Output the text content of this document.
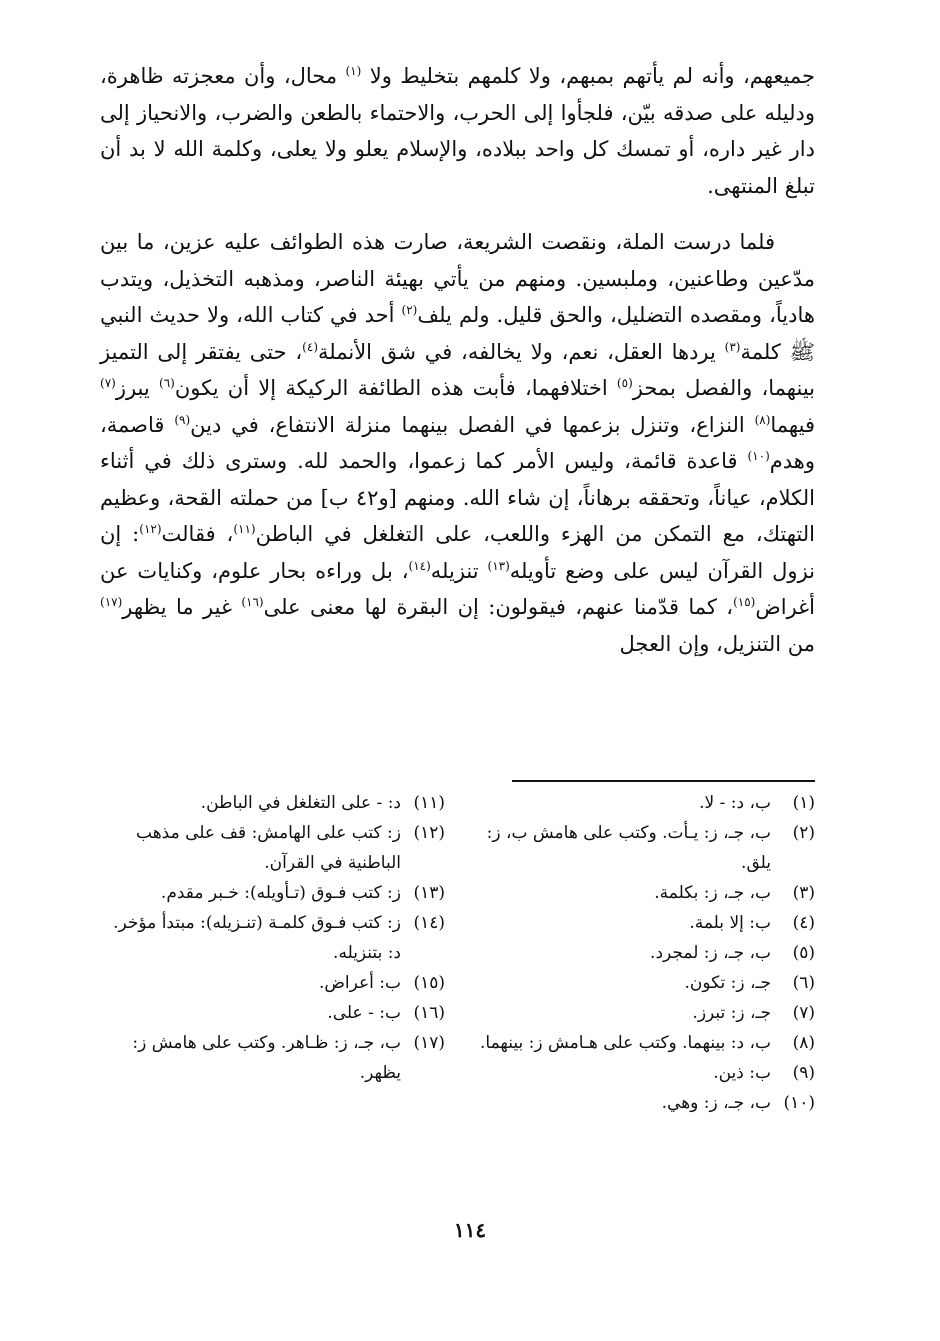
جميعهم، وأنه لم يأتهم بمبهم، ولا كلمهم بتخليط ولا $^{(١)}$ محال، وأن معجزته ظاهرة، ودليله على صدقه بيّن، فلجأوا إلى الحرب، والاحتماء بالطعن والضرب، والانحياز إلى دار غير داره، أو تمسك كل واحد ببلاده، والإسلام يعلو ولا يعلى، وكلمة الله لا بد أن تبلغ المنتهى.

فلما درست الملة، ونقصت الشريعة، صارت هذه الطوائف عليه عزين، ما بين مدّعين وطاعنين، وملبسين. ومنهم من يأتي بهيئة الناصر، ومذهبه التخذيل، ويتدب هادياً، ومقصده التضليل، والحق قليل. ولم يلف$^{(٢)}$ أحد في كتاب الله، ولا حديث النبي ﷺ كلمة$^{(٣)}$ يردها العقل، نعم، ولا يخالفه، في شق الأنملة$^{(٤)}$، حتى يفتقر إلى التميز بينهما، والفصل بمحز$^{(٥)}$ اختلافهما، فأبت هذه الطائفة الركيكة إلا أن يكون$^{(٦)}$ يبرز$^{(٧)}$ فيهما$^{(٨)}$ النزاع، وتنزل بزعمها في الفصل بينهما منزلة الانتفاع، في دين$^{(٩)}$ قاصمة، وهدم$^{(١٠)}$ قاعدة قائمة، وليس الأمر كما زعموا، والحمد لله. وسترى ذلك في أثناء الكلام، عياناً، وتحققه برهاناً، إن شاء الله. ومنهم [و٤٢ ب] من حملته القحة، وعظيم التهتك، مع التمكن من الهزء واللعب، على التغلغل في الباطن$^{(١١)}$، فقالت$^{(١٢)}$: إن نزول القرآن ليس على وضع تأويله$^{(١٣)}$ تنزيله$^{(١٤)}$، بل وراءه بحار علوم، وكنايات عن أغراض$^{(١٥)}$، كما قدّمنا عنهم، فيقولون: إن البقرة لها معنى على$^{(١٦)}$ غير ما يظهر$^{(١٧)}$ من التنزيل، وإن العجل

(١)ب، د: - لا.
(٢)ب، جـ، ز: يـأت. وكتب على هامش ب، ز: يلق.
(٣)ب، جـ، ز: بكلمة.
(٤)ب: إلا بلمة.
(٥)ب، جـ، ز: لمجرد.
(٦)جـ، ز: تكون.
(٧)جـ، ز: تبرز.
(٨)ب، د: بينهما. وكتب على هـامش ز: بينهما.
(٩)ب: ذين.
(١٠)ب، جـ، ز: وهي.
(١١)د: - على التغلغل في الباطن.
(١٢)ز: كتب على الهامش: قف على مذهب الباطنية في القرآن.
(١٣)ز: كتب فـوق (تـأويله): خـبر مقدم.
(١٤)ز: كتب فـوق كلمـة (تنـزيله): مبتدأ مؤخر. د: بتنزيله.
(١٥)ب: أعراض.
(١٦)ب: - على.
(١٧)ب، جـ، ز: ظـاهر. وكتب على هامش ز: يظهر.
١١٤
